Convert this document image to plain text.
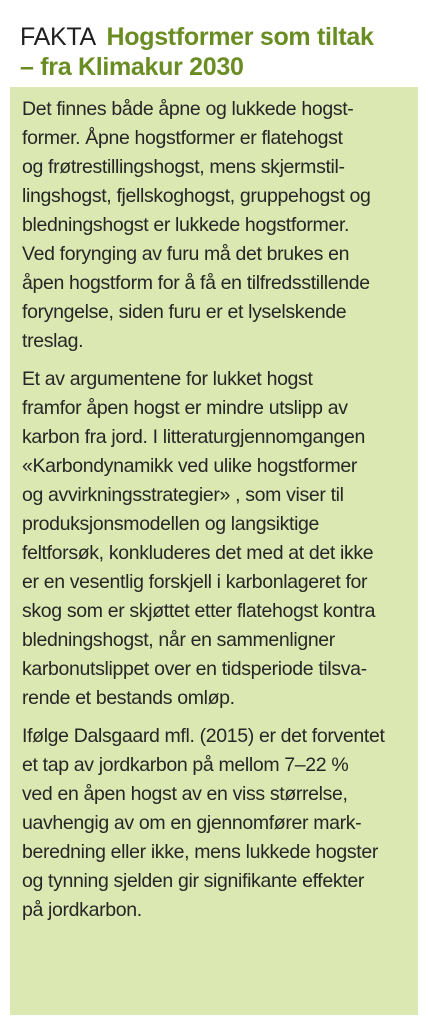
FAKTA Hogstformer som tiltak
– fra Klimakur 2030

Det finnes både åpne og lukkede hogst-
former. Åpne hogstformer er flatehogst
og frøtrestillingshogst, mens skjermstil-
lingshogst, fjellskoghogst, gruppehogst og
bledningshogst er lukkede hogstformer.
Ved forynging av furu må det brukes en
åpen hogstform for å få en tilfredsstillende
foryngelse, siden furu er et lyselskende
treslag.

Et av argumentene for lukket hogst
framfor åpen hogst er mindre utslipp av
karbon fra jord. I litteraturgjennomgangen
«Karbondynamikk ved ulike hogstformer
og avvirkningsstrategier» , som viser til
produksjonsmodellen og langsiktige
feltforsøk, konkluderes det med at det ikke
er en vesentlig forskjell i karbonlageret for
skog som er skjøttet etter flatehogst kontra
bledningshogst, når en sammenligner
karbonutslippet over en tidsperiode tilsva-
rende et bestands omløp.

Ifølge Dalsgaard mfl. (2015) er det forventet
et tap av jordkarbon på mellom 7–22 %
ved en åpen hogst av en viss størrelse,
uavhengig av om en gjennomfører mark-
beredning eller ikke, mens lukkede hogster
og tynning sjelden gir signifikante effekter
på jordkarbon.
